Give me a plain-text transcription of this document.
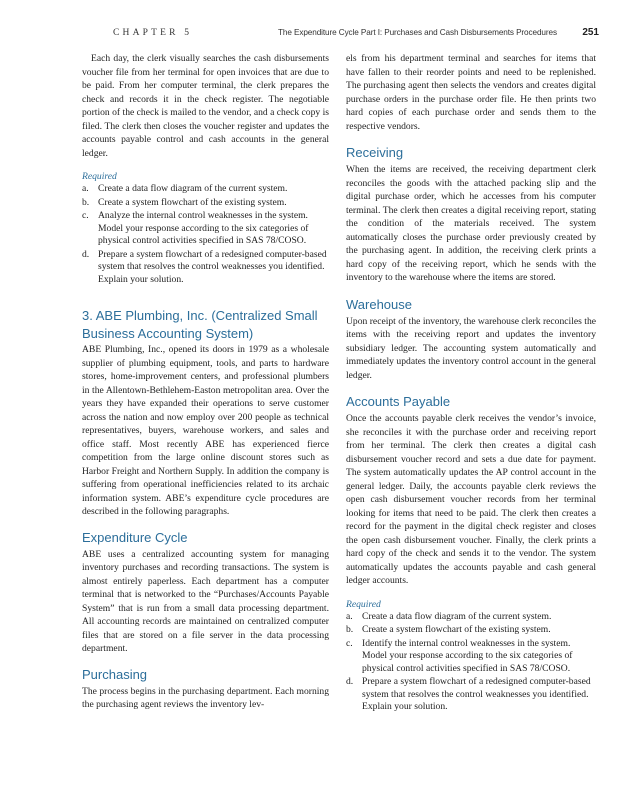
CHAPTER 5	The Expenditure Cycle Part I: Purchases and Cash Disbursements Procedures	251

Each day, the clerk visually searches the cash disbursements voucher file from her terminal for open invoices that are due to be paid. From her computer terminal, the clerk prepares the check and records it in the check register. The negotiable portion of the check is mailed to the vendor, and a check copy is filed. The clerk then closes the voucher register and updates the accounts payable control and cash accounts in the general ledger.

Required
a. Create a data flow diagram of the current system.
b. Create a system flowchart of the existing system.
c. Analyze the internal control weaknesses in the system. Model your response according to the six categories of physical control activities specified in SAS 78/COSO.
d. Prepare a system flowchart of a redesigned computer-based system that resolves the control weaknesses you identified. Explain your solution.
3. ABE Plumbing, Inc. (Centralized Small Business Accounting System)

ABE Plumbing, Inc., opened its doors in 1979 as a wholesale supplier of plumbing equipment, tools, and parts to hardware stores, home-improvement centers, and professional plumbers in the Allentown-Bethlehem-Easton metropolitan area. Over the years they have expanded their operations to serve customer across the nation and now employ over 200 people as technical representatives, buyers, warehouse workers, and sales and office staff. Most recently ABE has experienced fierce competition from the large online discount stores such as Harbor Freight and Northern Supply. In addition the company is suffering from operational inefficiencies related to its archaic information system. ABE’s expenditure cycle procedures are described in the following paragraphs.

Expenditure Cycle

ABE uses a centralized accounting system for managing inventory purchases and recording transactions. The system is almost entirely paperless. Each department has a computer terminal that is networked to the “Purchases/Accounts Payable System” that is run from a small data processing department. All accounting records are maintained on centralized computer files that are stored on a file server in the data processing department.

Purchasing

The process begins in the purchasing department. Each morning the purchasing agent reviews the inventory lev-

els from his department terminal and searches for items that have fallen to their reorder points and need to be replenished. The purchasing agent then selects the vendors and creates digital purchase orders in the purchase order file. He then prints two hard copies of each purchase order and sends them to the respective vendors.

Receiving

When the items are received, the receiving department clerk reconciles the goods with the attached packing slip and the digital purchase order, which he accesses from his computer terminal. The clerk then creates a digital receiving report, stating the condition of the materials received. The system automatically closes the purchase order previously created by the purchasing agent. In addition, the receiving clerk prints a hard copy of the receiving report, which he sends with the inventory to the warehouse where the items are stored.

Warehouse

Upon receipt of the inventory, the warehouse clerk reconciles the items with the receiving report and updates the inventory subsidiary ledger. The accounting system automatically and immediately updates the inventory control account in the general ledger.

Accounts Payable

Once the accounts payable clerk receives the vendor’s invoice, she reconciles it with the purchase order and receiving report from her terminal. The clerk then creates a digital cash disbursement voucher record and sets a due date for payment. The system automatically updates the AP control account in the general ledger. Daily, the accounts payable clerk reviews the open cash disbursement voucher records from her terminal looking for items that need to be paid. The clerk then creates a record for the payment in the digital check register and closes the open cash disbursement voucher. Finally, the clerk prints a hard copy of the check and sends it to the vendor. The system automatically updates the accounts payable and cash general ledger accounts.

Required
a. Create a data flow diagram of the current system.
b. Create a system flowchart of the existing system.
c. Identify the internal control weaknesses in the system. Model your response according to the six categories of physical control activities specified in SAS 78/COSO.
d. Prepare a system flowchart of a redesigned computer-based system that resolves the control weaknesses you identified. Explain your solution.
